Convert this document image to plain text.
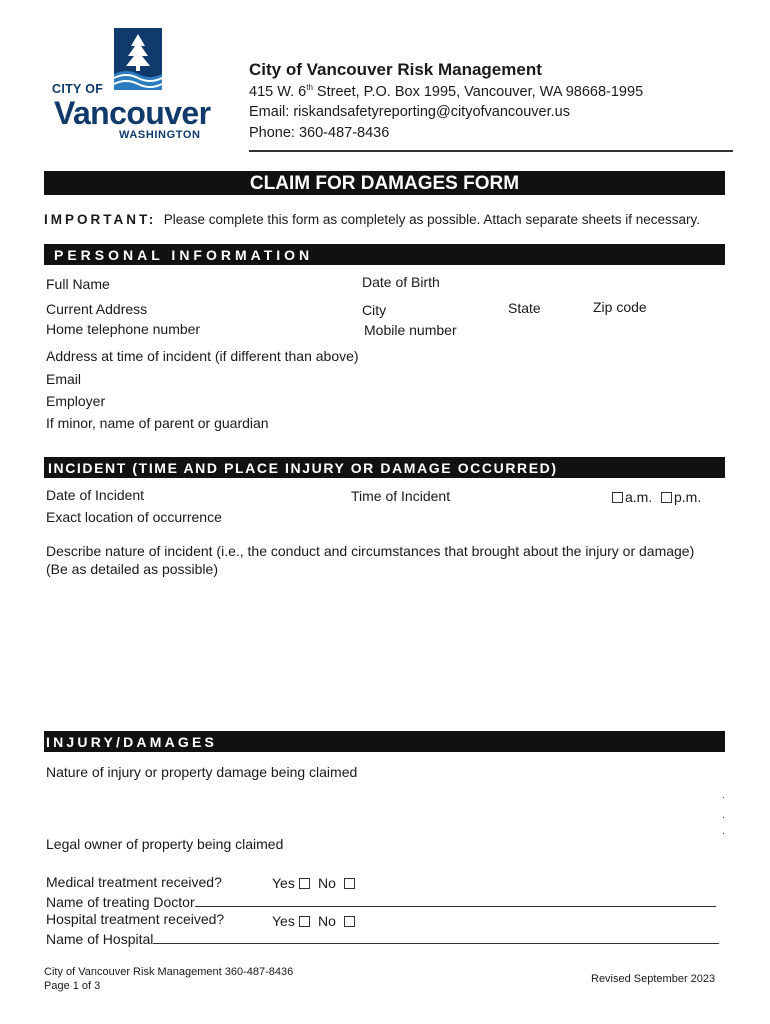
CITY OF
Vancouver
WASHINGTON
City of Vancouver Risk Management
415 W. 6th Street, P.O. Box 1995, Vancouver, WA 98668-1995
Email: riskandsafetyreporting@cityofvancouver.us
Phone: 360-487-8436
CLAIM FOR DAMAGES FORM
IMPORTANT: Please complete this form as completely as possible. Attach separate sheets if necessary.
PERSONAL INFORMATION
Full Name	Date of Birth
Current Address	City	State	Zip code
Home telephone number	Mobile number
Address at time of incident (if different than above)
Email
Employer
If minor, name of parent or guardian
INCIDENT (TIME AND PLACE INJURY OR DAMAGE OCCURRED)
Date of Incident	Time of Incident	a.m.	p.m.
Exact location of occurrence
Describe nature of incident (i.e., the conduct and circumstances that brought about the injury or damage)
(Be as detailed as possible)
INJURY/DAMAGES
Nature of injury or property damage being claimed
.
.
.
Legal owner of property being claimed
Medical treatment received?	Yes	No
Name of treating Doctor
Hospital treatment received?	Yes	No
Name of Hospital
City of Vancouver Risk Management 360-487-8436
Page 1 of 3
Revised September 2023
